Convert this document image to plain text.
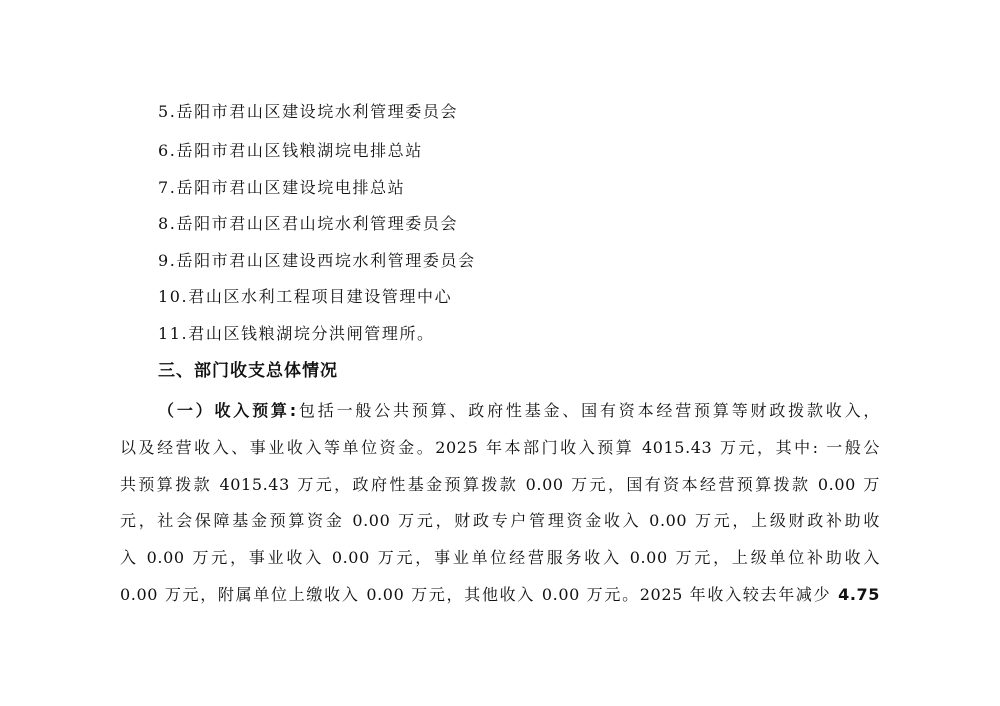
5.岳阳市君山区建设垸水利管理委员会
6.岳阳市君山区钱粮湖垸电排总站
7.岳阳市君山区建设垸电排总站
8.岳阳市君山区君山垸水利管理委员会
9.岳阳市君山区建设西垸水利管理委员会
10.君山区水利工程项目建设管理中心
11.君山区钱粮湖垸分洪闸管理所。
三、部门收支总体情况
（一）收入预算:包括一般公共预算、政府性基金、国有资本经营预算等财政拨款收入，
以及经营收入、事业收入等单位资金。2025 年本部门收入预算 4015.43 万元，其中: 一般公
共预算拨款 4015.43 万元，政府性基金预算拨款 0.00 万元，国有资本经营预算拨款 0.00 万
元，社会保障基金预算资金 0.00 万元，财政专户管理资金收入 0.00 万元，上级财政补助收
入 0.00 万元，事业收入 0.00 万元，事业单位经营服务收入 0.00 万元，上级单位补助收入
0.00 万元，附属单位上缴收入 0.00 万元，其他收入 0.00 万元。2025 年收入较去年减少 4.75
